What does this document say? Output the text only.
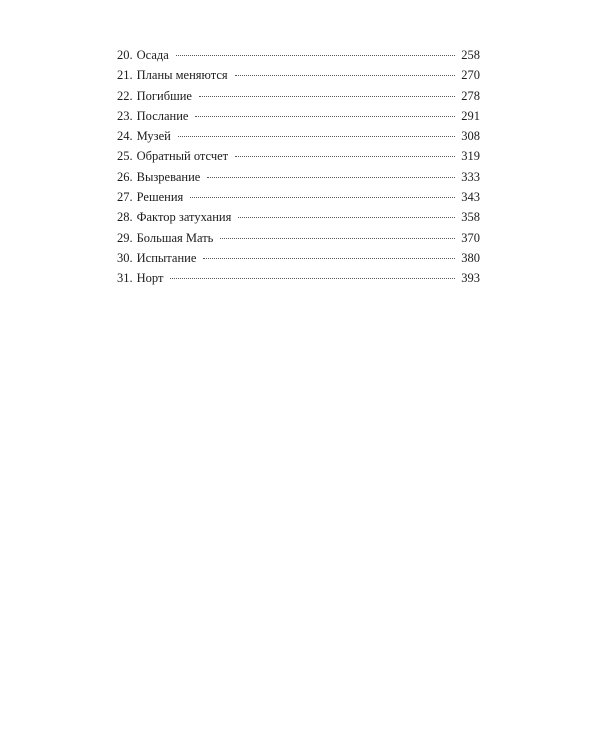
20. Осада	258
21. Планы меняются	270
22. Погибшие	278
23. Послание	291
24. Музей	308
25. Обратный отсчет	319
26. Вызревание	333
27. Решения	343
28. Фактор затухания	358
29. Большая Мать	370
30. Испытание	380
31. Норт	393
